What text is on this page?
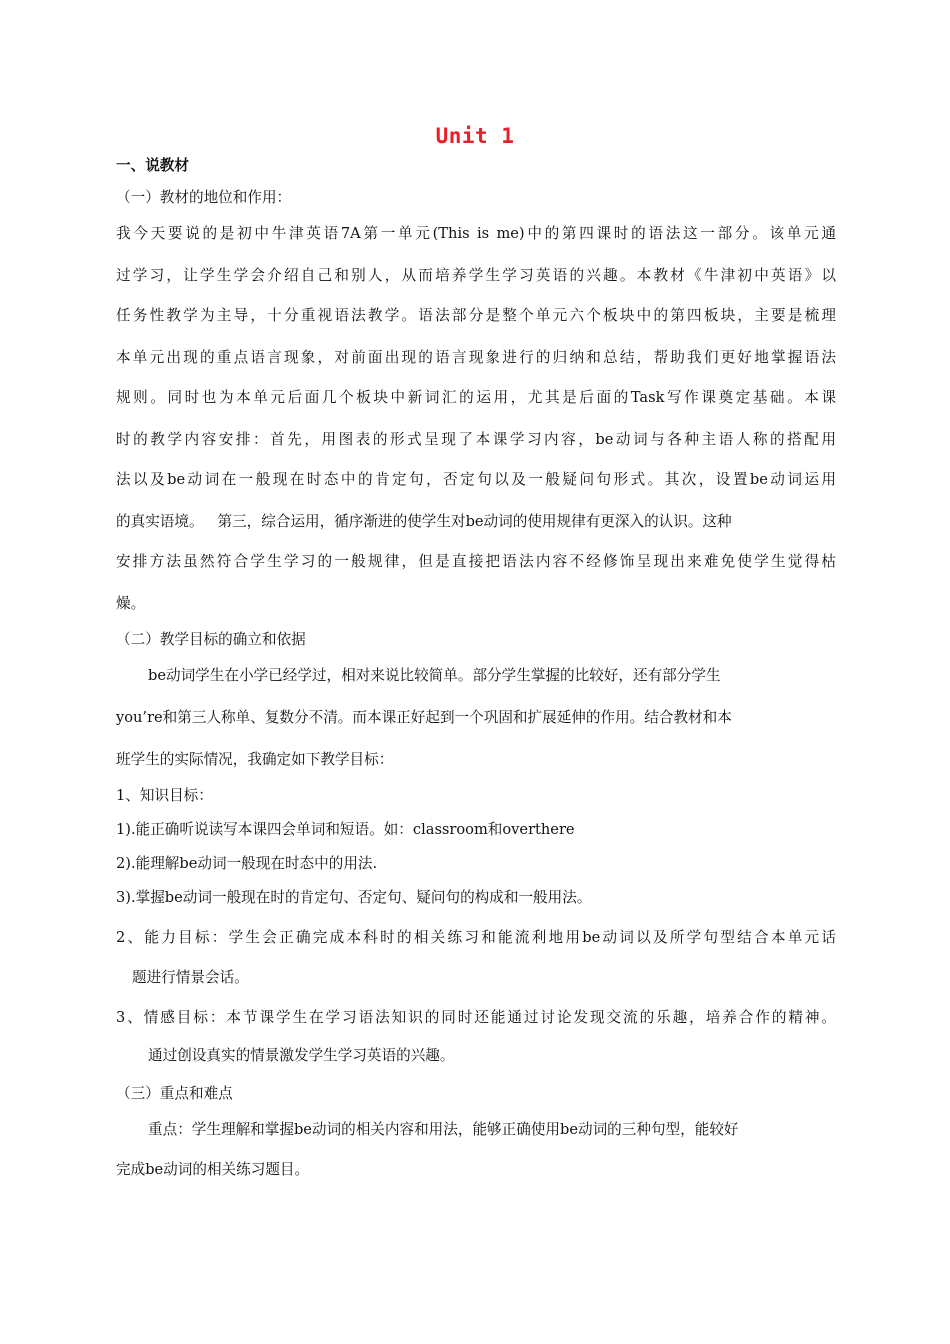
Unit 1
一、说教材
（一）教材的地位和作用：
我今天要说的是初中牛津英语7A第一单元(This is me)中的第四课时的语法这一部分。该单元通
过学习，让学生学会介绍自己和别人，从而培养学生学习英语的兴趣。本教材《牛津初中英语》以
任务性教学为主导，十分重视语法教学。语法部分是整个单元六个板块中的第四板块，主要是梳理
本单元出现的重点语言现象，对前面出现的语言现象进行的归纳和总结，帮助我们更好地掌握语法
规则。同时也为本单元后面几个板块中新词汇的运用，尤其是后面的Task写作课奠定基础。本课
时的教学内容安排：首先，用图表的形式呈现了本课学习内容，be动词与各种主语人称的搭配用
法以及be动词在一般现在时态中的肯定句，否定句以及一般疑问句形式。其次，设置be动词运用
的真实语境。   第三，综合运用，循序渐进的使学生对be动词的使用规律有更深入的认识。这种
安排方法虽然符合学生学习的一般规律，但是直接把语法内容不经修饰呈现出来难免使学生觉得枯
燥。
（二）教学目标的确立和依据
be动词学生在小学已经学过，相对来说比较简单。部分学生掌握的比较好，还有部分学生
you’re和第三人称单、复数分不清。而本课正好起到一个巩固和扩展延伸的作用。结合教材和本
班学生的实际情况，我确定如下教学目标：
1、知识目标：
1).能正确听说读写本课四会单词和短语。如：classroom和overthere
2).能理解be动词一般现在时态中的用法.
3).掌握be动词一般现在时的肯定句、否定句、疑问句的构成和一般用法。
2、能力目标：学生会正确完成本科时的相关练习和能流利地用be动词以及所学句型结合本单元话
题进行情景会话。
3、情感目标：本节课学生在学习语法知识的同时还能通过讨论发现交流的乐趣，培养合作的精神。
通过创设真实的情景激发学生学习英语的兴趣。
（三）重点和难点
重点：学生理解和掌握be动词的相关内容和用法，能够正确使用be动词的三种句型，能较好
完成be动词的相关练习题目。
